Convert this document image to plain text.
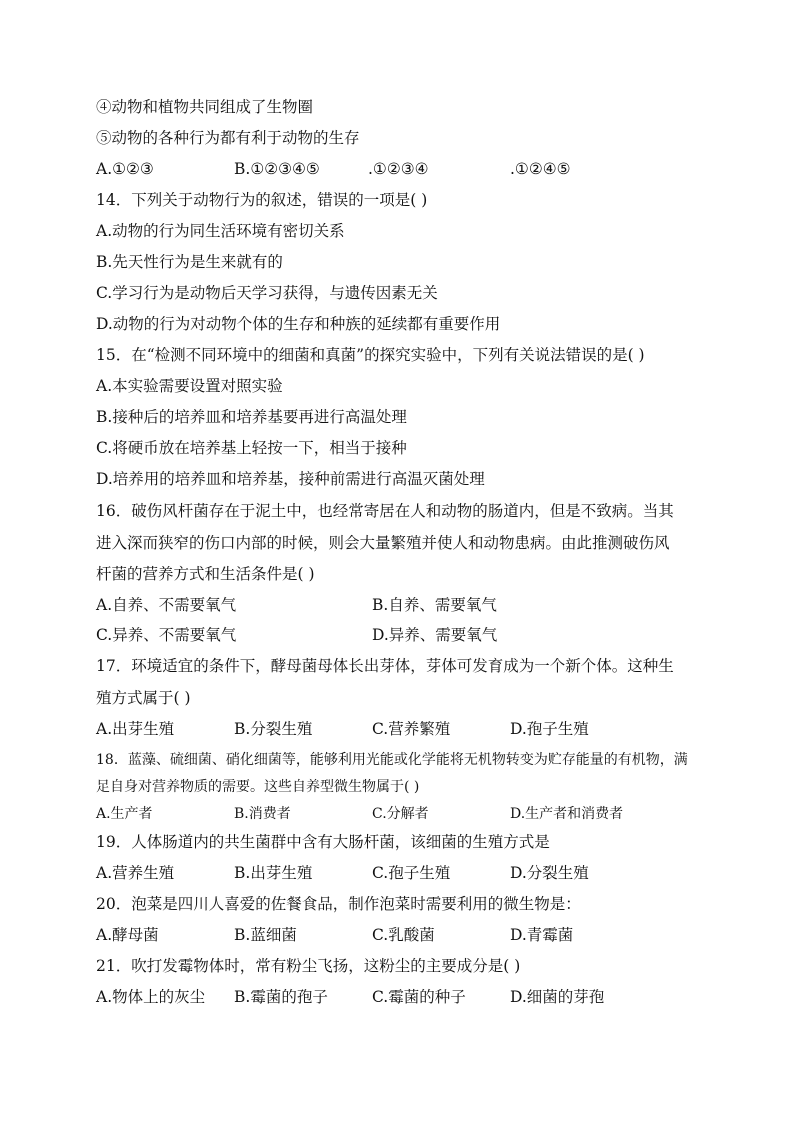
④动物和植物共同组成了生物圈
⑤动物的各种行为都有利于动物的生存
A.①②③	B.①②③④⑤	.①②③④	.①②④⑤
14．下列关于动物行为的叙述，错误的一项是( )
A.动物的行为同生活环境有密切关系
B.先天性行为是生来就有的
C.学习行为是动物后天学习获得，与遗传因素无关
D.动物的行为对动物个体的生存和种族的延续都有重要作用
15．在“检测不同环境中的细菌和真菌”的探究实验中，下列有关说法错误的是( )
A.本实验需要设置对照实验
B.接种后的培养皿和培养基要再进行高温处理
C.将硬币放在培养基上轻按一下，相当于接种
D.培养用的培养皿和培养基，接种前需进行高温灭菌处理
16．破伤风杆菌存在于泥土中，也经常寄居在人和动物的肠道内，但是不致病。当其
进入深而狭窄的伤口内部的时候，则会大量繁殖并使人和动物患病。由此推测破伤风
杆菌的营养方式和生活条件是( )
A.自养、不需要氧气	B.自养、需要氧气
C.异养、不需要氧气	D.异养、需要氧气
17．环境适宜的条件下，酵母菌母体长出芽体，芽体可发育成为一个新个体。这种生
殖方式属于( )
A.出芽生殖	B.分裂生殖	C.营养繁殖	D.孢子生殖
18．蓝藻、硫细菌、硝化细菌等，能够利用光能或化学能将无机物转变为贮存能量的有机物，满
足自身对营养物质的需要。这些自养型微生物属于( )
A.生产者	B.消费者	C.分解者	D.生产者和消费者
19．人体肠道内的共生菌群中含有大肠杆菌，该细菌的生殖方式是
A.营养生殖	B.出芽生殖	C.孢子生殖	D.分裂生殖
20．泡菜是四川人喜爱的佐餐食品，制作泡菜时需要利用的微生物是：
A.酵母菌	B.蓝细菌	C.乳酸菌	D.青霉菌
21．吹打发霉物体时，常有粉尘飞扬，这粉尘的主要成分是( )
A.物体上的灰尘 B.霉菌的孢子	C.霉菌的种子	D.细菌的芽孢
